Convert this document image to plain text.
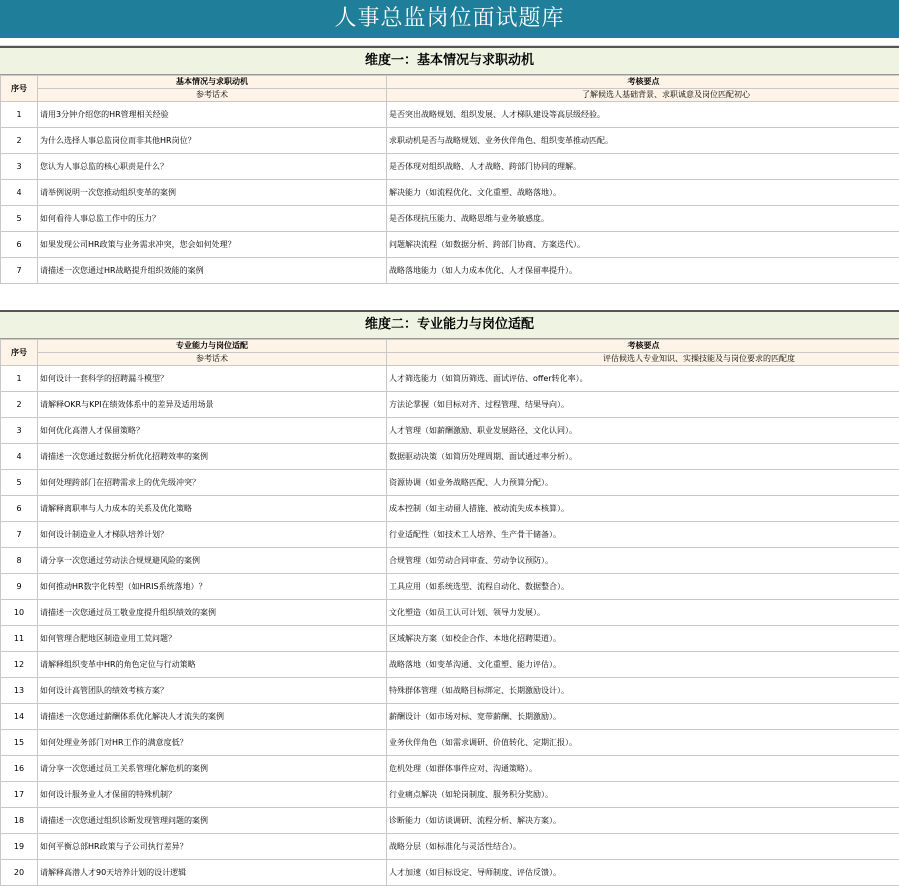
人事总监岗位面试题库
维度一：基本情况与求职动机
序号	基本情况与求职动机	考核要点
	参考话术	了解候选人基础背景、求职诚意及岗位匹配初心
1	请用3分钟介绍您的HR管理相关经验	是否突出战略规划、组织发展、人才梯队建设等高层级经验。
2	为什么选择人事总监岗位而非其他HR岗位？	求职动机是否与战略规划、业务伙伴角色、组织变革推动匹配。
3	您认为人事总监的核心职责是什么？	是否体现对组织战略、人才战略、跨部门协同的理解。
4	请举例说明一次您推动组织变革的案例	解决能力（如流程优化、文化重塑、战略落地）。
5	如何看待人事总监工作中的压力？	是否体现抗压能力、战略思维与业务敏感度。
6	如果发现公司HR政策与业务需求冲突，您会如何处理？	问题解决流程（如数据分析、跨部门协商、方案迭代）。
7	请描述一次您通过HR战略提升组织效能的案例	战略落地能力（如人力成本优化、人才保留率提升）。
维度二：专业能力与岗位适配
序号	专业能力与岗位适配	考核要点
	参考话术	评估候选人专业知识、实操技能及与岗位要求的匹配度
1	如何设计一套科学的招聘漏斗模型？	人才筛选能力（如简历筛选、面试评估、offer转化率）。
2	请解释OKR与KPI在绩效体系中的差异及适用场景	方法论掌握（如目标对齐、过程管理、结果导向）。
3	如何优化高潜人才保留策略？	人才管理（如薪酬激励、职业发展路径、文化认同）。
4	请描述一次您通过数据分析优化招聘效率的案例	数据驱动决策（如简历处理周期、面试通过率分析）。
5	如何处理跨部门在招聘需求上的优先级冲突？	资源协调（如业务战略匹配、人力预算分配）。
6	请解释离职率与人力成本的关系及优化策略	成本控制（如主动留人措施、被动流失成本核算）。
7	如何设计制造业人才梯队培养计划？	行业适配性（如技术工人培养、生产骨干储备）。
8	请分享一次您通过劳动法合规规避风险的案例	合规管理（如劳动合同审查、劳动争议预防）。
9	如何推动HR数字化转型（如HRIS系统落地）？	工具应用（如系统选型、流程自动化、数据整合）。
10	请描述一次您通过员工敬业度提升组织绩效的案例	文化塑造（如员工认可计划、领导力发展）。
11	如何管理合肥地区制造业用工荒问题？	区域解决方案（如校企合作、本地化招聘渠道）。
12	请解释组织变革中HR的角色定位与行动策略	战略落地（如变革沟通、文化重塑、能力评估）。
13	如何设计高管团队的绩效考核方案？	特殊群体管理（如战略目标绑定、长期激励设计）。
14	请描述一次您通过薪酬体系优化解决人才流失的案例	薪酬设计（如市场对标、宽带薪酬、长期激励）。
15	如何处理业务部门对HR工作的满意度低？	业务伙伴角色（如需求调研、价值转化、定期汇报）。
16	请分享一次您通过员工关系管理化解危机的案例	危机处理（如群体事件应对、沟通策略）。
17	如何设计服务业人才保留的特殊机制？	行业痛点解决（如轮岗制度、服务积分奖励）。
18	请描述一次您通过组织诊断发现管理问题的案例	诊断能力（如访谈调研、流程分析、解决方案）。
19	如何平衡总部HR政策与子公司执行差异？	战略分层（如标准化与灵活性结合）。
20	请解释高潜人才90天培养计划的设计逻辑	人才加速（如目标设定、导师制度、评估反馈）。
